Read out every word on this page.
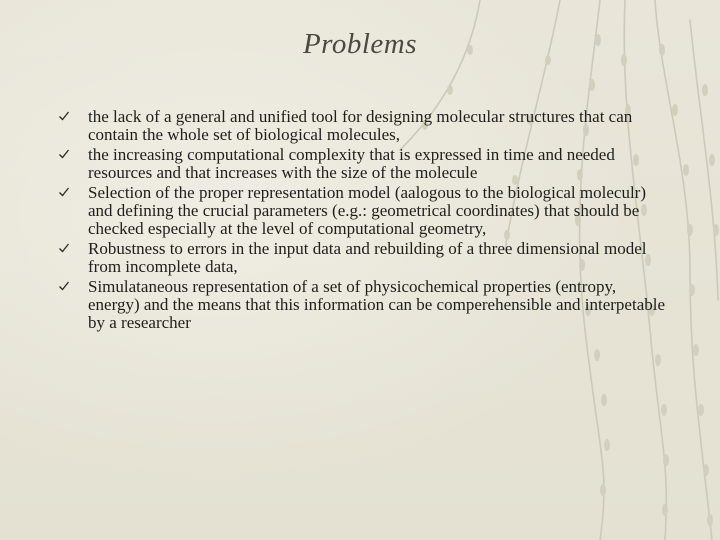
Problems
the lack of a general and unified tool for designing molecular structures that can contain the whole set of biological molecules,
the increasing computational complexity that is expressed in time and needed resources and that increases with the size of the molecule
Selection of the proper representation model (aalogous to the biological moleculr) and defining the crucial parameters (e.g.: geometrical coordinates) that should be checked especially at the level of computational geometry,
Robustness to errors in the input data and rebuilding of a three dimensional model from incomplete data,
Simulataneous representation of a set of physicochemical properties (entropy, energy) and the means that this information can be comperehensible and interpetable by a researcher
